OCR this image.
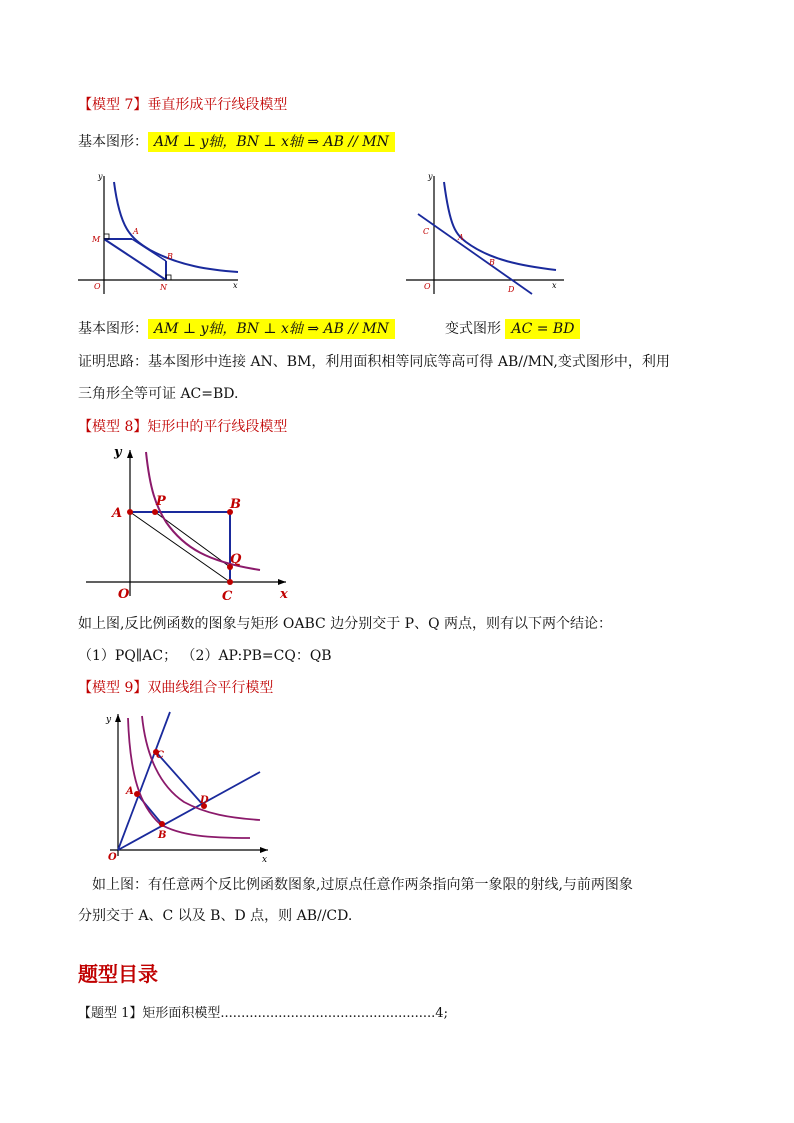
【模型 7】垂直形成平行线段模型
基本图形： AM ⊥ y轴，BN ⊥ x轴 ⇒ AB // MN
y
x
O
M
A
B
N
y
x
O
C
A
B
D
基本图形： AM ⊥ y轴，BN ⊥ x轴 ⇒ AB // MN	变式图形 AC = BD
证明思路：基本图形中连接 AN、BM，利用面积相等同底等高可得 AB//MN,变式图形中，利用
三角形全等可证 AC=BD.
【模型 8】矩形中的平行线段模型
y
x
O
A
P	B
Q
C
如上图,反比例函数的图象与矩形 OABC 边分别交于 P、Q 两点，则有以下两个结论：
（1）PQ∥AC； （2）AP:PB=CQ：QB
【模型 9】双曲线组合平行模型
y
x
O
A
B
C
D
如上图：有任意两个反比例函数图象,过原点任意作两条指向第一象限的射线,与前两图象
分别交于 A、C 以及 B、D 点，则 AB//CD.
题型目录
【题型 1】矩形面积模型....................................................4;
